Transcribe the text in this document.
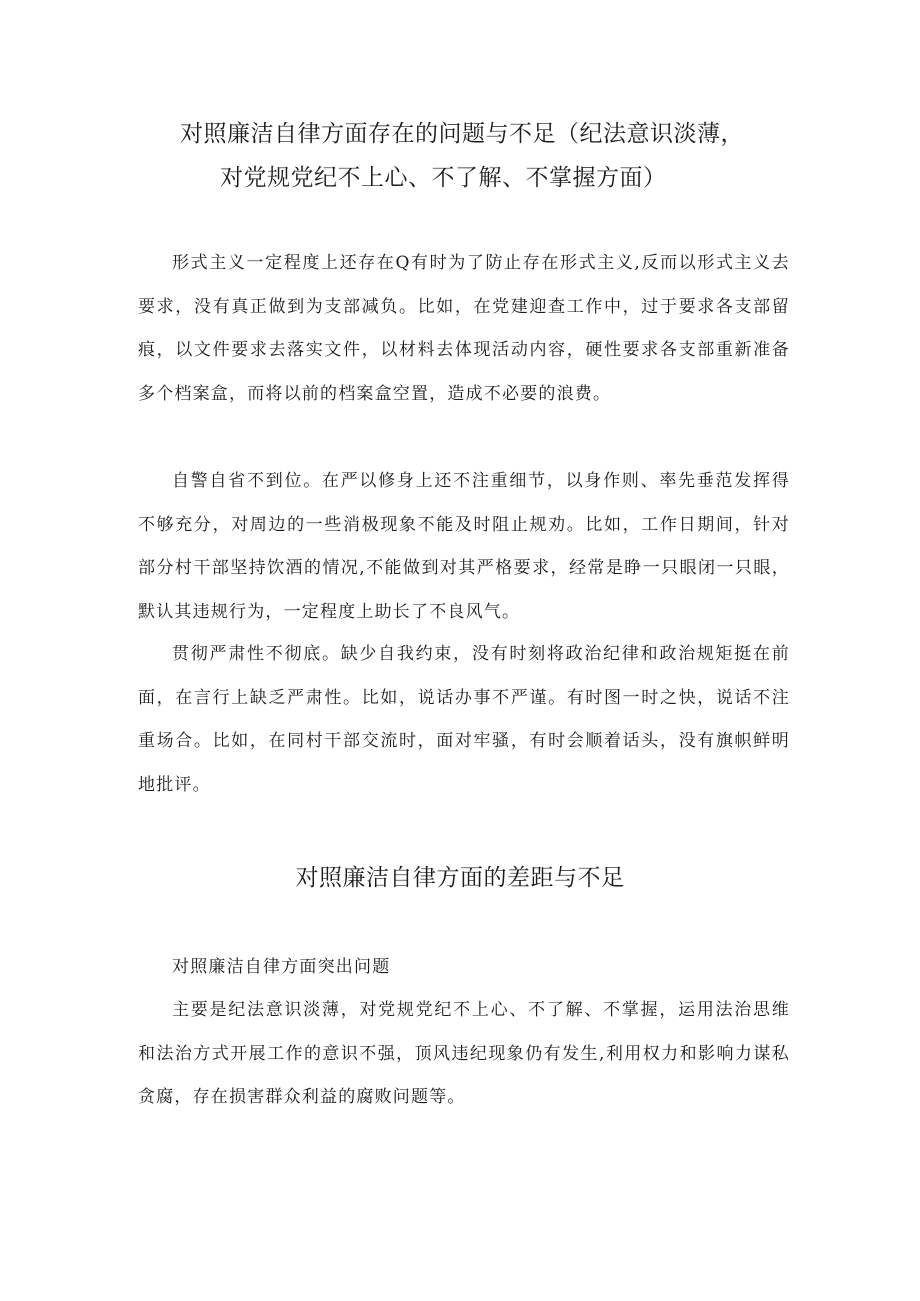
对照廉洁自律方面存在的问题与不足（纪法意识淡薄，
对党规党纪不上心、不了解、不掌握方面）

形式主义一定程度上还存在Q有时为了防止存在形式主义,反而以形式主义去要求，没有真正做到为支部减负。比如，在党建迎查工作中，过于要求各支部留痕，以文件要求去落实文件，以材料去体现活动内容，硬性要求各支部重新准备多个档案盒，而将以前的档案盒空置，造成不必要的浪费。

自警自省不到位。在严以修身上还不注重细节，以身作则、率先垂范发挥得不够充分，对周边的一些消极现象不能及时阻止规劝。比如，工作日期间，针对部分村干部坚持饮酒的情况,不能做到对其严格要求，经常是睁一只眼闭一只眼，默认其违规行为，一定程度上助长了不良风气。

贯彻严肃性不彻底。缺少自我约束，没有时刻将政治纪律和政治规矩挺在前面，在言行上缺乏严肃性。比如，说话办事不严谨。有时图一时之快，说话不注重场合。比如，在同村干部交流时，面对牢骚，有时会顺着话头，没有旗帜鲜明地批评。

对照廉洁自律方面的差距与不足

对照廉洁自律方面突出问题

主要是纪法意识淡薄，对党规党纪不上心、不了解、不掌握，运用法治思维和法治方式开展工作的意识不强，顶风违纪现象仍有发生,利用权力和影响力谋私贪腐，存在损害群众利益的腐败问题等。
